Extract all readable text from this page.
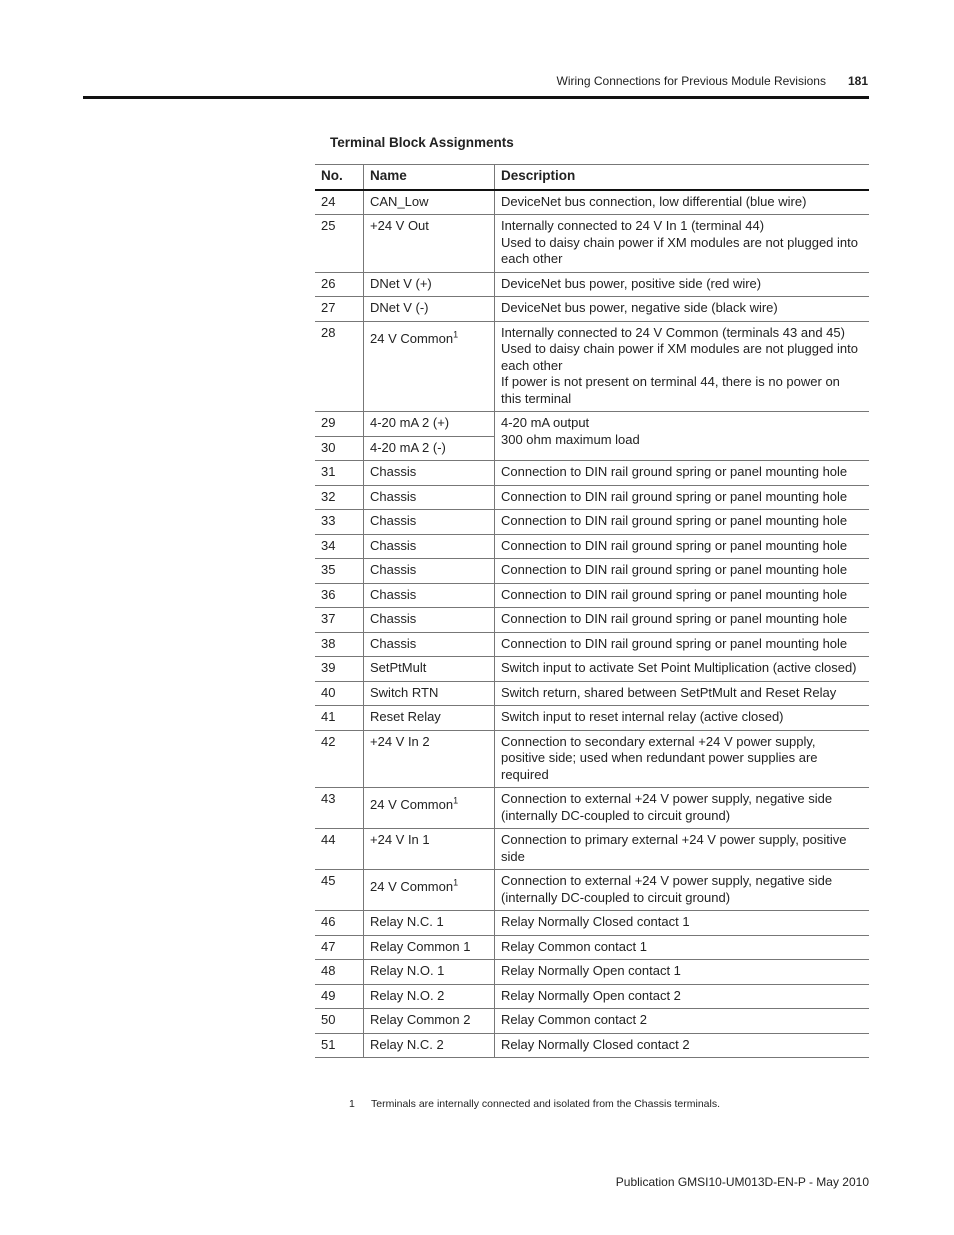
Wiring Connections for Previous Module Revisions 181
Terminal Block Assignments
No.	Name	Description
24	CAN_Low	DeviceNet bus connection, low differential (blue wire)

25	+24 V Out	Internally connected to 24 V In 1 (terminal 44)
Used to daisy chain power if XM modules are not plugged into each other

26	DNet V (+)	DeviceNet bus power, positive side (red wire)

27	DNet V (-)	DeviceNet bus power, negative side (black wire)

28	24 V Common$^1$	Internally connected to 24 V Common (terminals 43 and 45)
Used to daisy chain power if XM modules are not plugged into each other
If power is not present on terminal 44, there is no power on this terminal

29	4-20 mA 2 (+)	4-20 mA output
300 ohm maximum load

30	4-20 mA 2 (-)	
31	Chassis	Connection to DIN rail ground spring or panel mounting hole

32	Chassis	Connection to DIN rail ground spring or panel mounting hole

33	Chassis	Connection to DIN rail ground spring or panel mounting hole

34	Chassis	Connection to DIN rail ground spring or panel mounting hole

35	Chassis	Connection to DIN rail ground spring or panel mounting hole

36	Chassis	Connection to DIN rail ground spring or panel mounting hole

37	Chassis	Connection to DIN rail ground spring or panel mounting hole

38	Chassis	Connection to DIN rail ground spring or panel mounting hole

39	SetPtMult	Switch input to activate Set Point Multiplication (active closed)

40	Switch RTN	Switch return, shared between SetPtMult and Reset Relay

41	Reset Relay	Switch input to reset internal relay (active closed)

42	+24 V In 2	Connection to secondary external +24 V power supply, positive side; used when redundant power supplies are required

43	24 V Common$^1$	Connection to external +24 V power supply, negative side (internally DC-coupled to circuit ground)

44	+24 V In 1	Connection to primary external +24 V power supply, positive side

45	24 V Common$^1$	Connection to external +24 V power supply, negative side (internally DC-coupled to circuit ground)

46	Relay N.C. 1	Relay Normally Closed contact 1

47	Relay Common 1	Relay Common contact 1

48	Relay N.O. 1	Relay Normally Open contact 1

49	Relay N.O. 2	Relay Normally Open contact 2

50	Relay Common 2	Relay Common contact 2

51	Relay N.C. 2	Relay Normally Closed contact 2
1 Terminals are internally connected and isolated from the Chassis terminals.
Publication GMSI10-UM013D-EN-P - May 2010
